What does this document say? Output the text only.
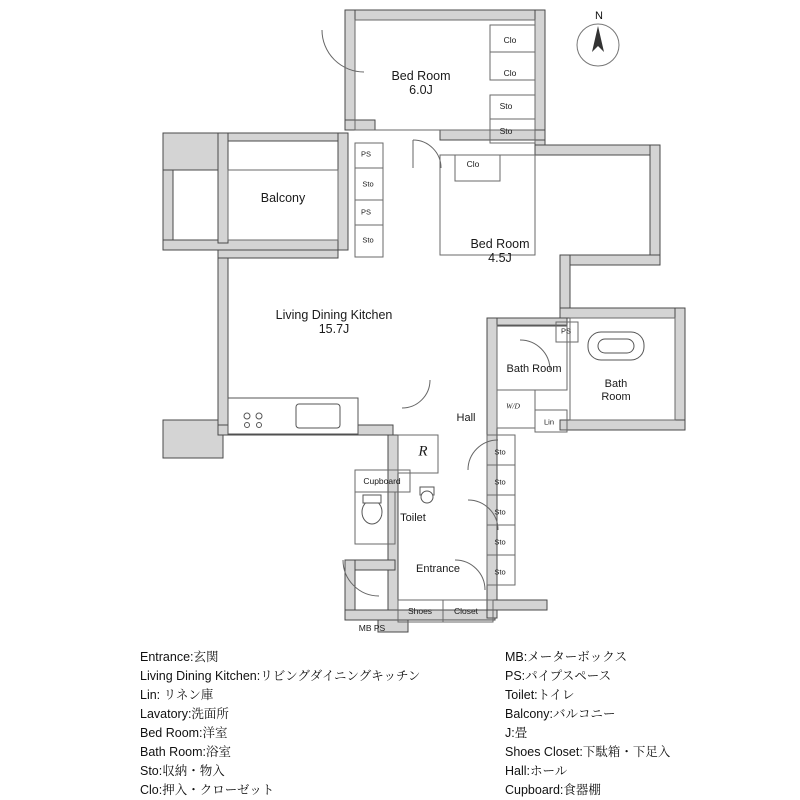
N
Bed Room
6.0J
Bed Room
4.5J
Living Dining Kitchen
15.7J
Balcony
Bath
Room
Bath Room
Hall
Toilet
Entrance
Clo
Clo
Sto
Sto
Clo
PS
Sto
PS
Sto
PS
W/D
Lin
Sto
Sto
Sto
Sto
Sto
Cupboard
Shoes	Closet
MB PS
R
Entrance:玄関
Living Dining Kitchen:リビングダイニングキッチン
Lin: リネン庫
Lavatory:洗面所
Bed Room:洋室
Bath Room:浴室
Sto:収納・物入
Clo:押入・クローゼット
MB:メーターボックス
PS:パイプスペース
Toilet:トイレ
Balcony:バルコニー
J:畳
Shoes Closet:下駄箱・下足入
Hall:ホール
Cupboard:食器棚
